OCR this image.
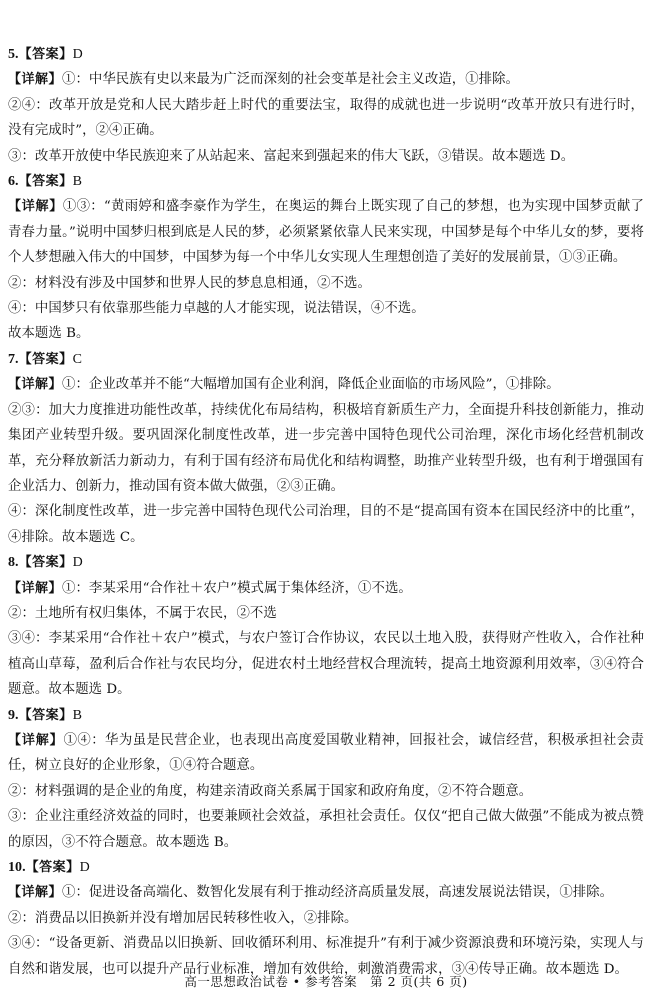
5.【答案】D

【详解】①：中华民族有史以来最为广泛而深刻的社会变革是社会主义改造，①排除。

②④：改革开放是党和人民大踏步赶上时代的重要法宝，取得的成就也进一步说明“改革开放只有进行时，没有完成时”，②④正确。

③：改革开放使中华民族迎来了从站起来、富起来到强起来的伟大飞跃，③错误。故本题选 D。

6.【答案】B

【详解】①③：“黄雨婷和盛李豪作为学生，在奥运的舞台上既实现了自己的梦想，也为实现中国梦贡献了青春力量。”说明中国梦归根到底是人民的梦，必须紧紧依靠人民来实现，中国梦是每个中华儿女的梦，要将个人梦想融入伟大的中国梦，中国梦为每一个中华儿女实现人生理想创造了美好的发展前景，①③正确。

②：材料没有涉及中国梦和世界人民的梦息息相通，②不选。

④：中国梦只有依靠那些能力卓越的人才能实现，说法错误，④不选。

故本题选 B。

7.【答案】C

【详解】①：企业改革并不能“大幅增加国有企业利润，降低企业面临的市场风险”，①排除。

②③：加大力度推进功能性改革，持续优化布局结构，积极培育新质生产力，全面提升科技创新能力，推动集团产业转型升级。要巩固深化制度性改革，进一步完善中国特色现代公司治理，深化市场化经营机制改革，充分释放新活力新动力，有利于国有经济布局优化和结构调整，助推产业转型升级，也有利于增强国有企业活力、创新力，推动国有资本做大做强，②③正确。

④：深化制度性改革，进一步完善中国特色现代公司治理，目的不是“提高国有资本在国民经济中的比重”，④排除。故本题选 C。

8.【答案】D

【详解】①：李某采用“合作社＋农户”模式属于集体经济，①不选。

②：土地所有权归集体，不属于农民，②不选

③④：李某采用“合作社＋农户”模式，与农户签订合作协议，农民以土地入股，获得财产性收入，合作社种植高山草莓，盈利后合作社与农民均分，促进农村土地经营权合理流转，提高土地资源利用效率，③④符合题意。故本题选 D。

9.【答案】B

【详解】①④：华为虽是民营企业，也表现出高度爱国敬业精神，回报社会，诚信经营，积极承担社会责任，树立良好的企业形象，①④符合题意。

②：材料强调的是企业的角度，构建亲清政商关系属于国家和政府角度，②不符合题意。

③：企业注重经济效益的同时，也要兼顾社会效益，承担社会责任。仅仅“把自己做大做强”不能成为被点赞的原因，③不符合题意。故本题选 B。

10.【答案】D

【详解】①：促进设备高端化、数智化发展有利于推动经济高质量发展，高速发展说法错误，①排除。

②：消费品以旧换新并没有增加居民转移性收入，②排除。

③④：“设备更新、消费品以旧换新、回收循环利用、标准提升”有利于减少资源浪费和环境污染，实现人与自然和谐发展，也可以提升产品行业标准，增加有效供给，刺激消费需求，③④传导正确。故本题选 D。

高一思想政治试卷 • 参考答案　第 2 页(共 6 页)
